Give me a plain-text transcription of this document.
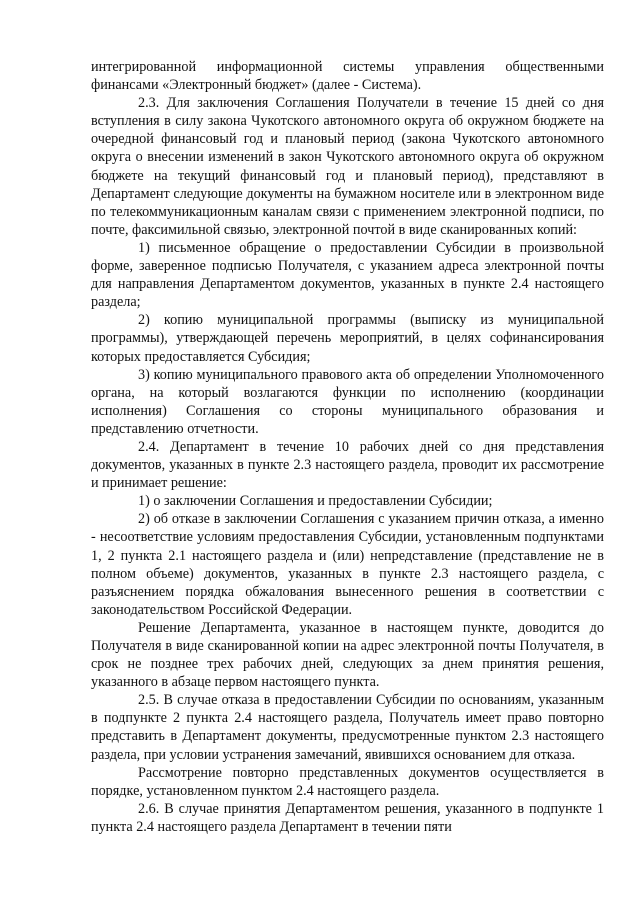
интегрированной информационной системы управления общественными финансами «Электронный бюджет» (далее - Система).

2.3. Для заключения Соглашения Получатели в течение 15 дней со дня вступления в силу закона Чукотского автономного округа об окружном бюджете на очередной финансовый год и плановый период (закона Чукотского автономного округа о внесении изменений в закон Чукотского автономного округа об окружном бюджете на текущий финансовый год и плановый период), представляют в Департамент следующие документы на бумажном носителе или в электронном виде по телекоммуникационным каналам связи с применением электронной подписи, по почте, факсимильной связью, электронной почтой в виде сканированных копий:

1) письменное обращение о предоставлении Субсидии в произвольной форме, заверенное подписью Получателя, с указанием адреса электронной почты для направления Департаментом документов, указанных в пункте 2.4 настоящего раздела;

2) копию муниципальной программы (выписку из муниципальной программы), утверждающей перечень мероприятий, в целях софинансирования которых предоставляется Субсидия;

3) копию муниципального правового акта об определении Уполномоченного органа, на который возлагаются функции по исполнению (координации исполнения) Соглашения со стороны муниципального образования и представлению отчетности.

2.4. Департамент в течение 10 рабочих дней со дня представления документов, указанных в пункте 2.3 настоящего раздела, проводит их рассмотрение и принимает решение:

1) о заключении Соглашения и предоставлении Субсидии;

2) об отказе в заключении Соглашения с указанием причин отказа, а именно - несоответствие условиям предоставления Субсидии, установленным подпунктами 1, 2 пункта 2.1 настоящего раздела и (или) непредставление (представление не в полном объеме) документов, указанных в пункте 2.3 настоящего раздела, с разъяснением порядка обжалования вынесенного решения в соответствии с законодательством Российской Федерации.

Решение Департамента, указанное в настоящем пункте, доводится до Получателя в виде сканированной копии на адрес электронной почты Получателя, в срок не позднее трех рабочих дней, следующих за днем принятия решения, указанного в абзаце первом настоящего пункта.

2.5. В случае отказа в предоставлении Субсидии по основаниям, указанным в подпункте 2 пункта 2.4 настоящего раздела, Получатель имеет право повторно представить в Департамент документы, предусмотренные пунктом 2.3 настоящего раздела, при условии устранения замечаний, явившихся основанием для отказа.

Рассмотрение повторно представленных документов осуществляется в порядке, установленном пунктом 2.4 настоящего раздела.

2.6. В случае принятия Департаментом решения, указанного в подпункте 1 пункта 2.4 настоящего раздела Департамент в течении пяти
